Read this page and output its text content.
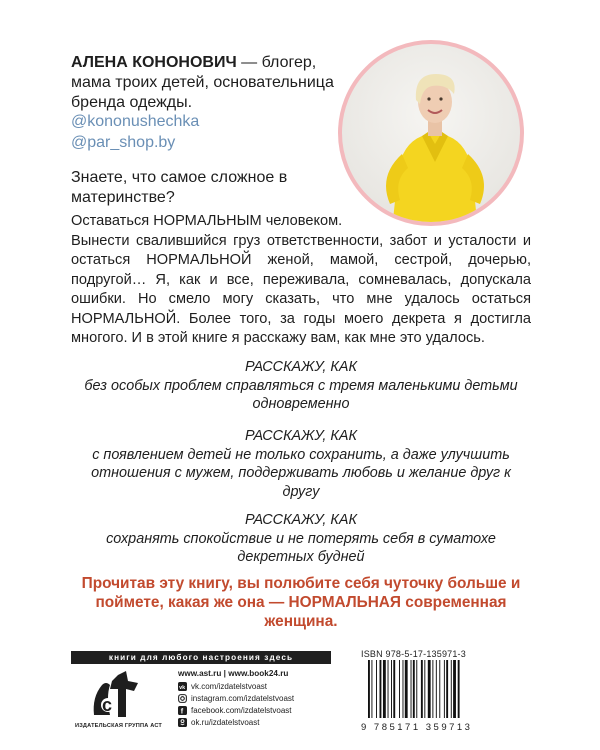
АЛЕНА КОНОНОВИЧ — блогер, мама троих детей, основательница бренда одежды.
@kononushechka
@par_shop.by
Знаете, что самое сложное в материнстве?
Оставаться НОРМАЛЬНЫМ человеком.
Вынести свалившийся груз ответственности, забот и усталости и остаться НОРМАЛЬНОЙ женой, мамой, сестрой, дочерью, подругой… Я, как и все, переживала, сомневалась, допускала ошибки. Но смело могу сказать, что мне удалось остаться НОРМАЛЬНОЙ. Более того, за годы моего декрета я достигла многого. И в этой книге я расскажу вам, как мне это удалось.
РАССКАЖУ, КАК
без особых проблем справляться с тремя маленькими детьми одновременно
РАССКАЖУ, КАК
с появлением детей не только сохранить, а даже улучшить отношения с мужем, поддерживать любовь и желание друг к другу
РАССКАЖУ, КАК
сохранять спокойствие и не потерять себя в суматохе декретных будней
Прочитав эту книгу, вы полюбите себя чуточку больше и поймете, какая же она — НОРМАЛЬНАЯ современная женщина.
книги для любого настроения здесь
c
ИЗДАТЕЛЬСКАЯ ГРУППА АСТ
www.ast.ru | www.book24.ru
vk vk.com/izdatelstvoast
instagram.com/izdatelstvoast
f facebook.com/izdatelstvoast
ok.ru/izdatelstvoast
ISBN 978-5-17-135971-3
9 785171 359713
